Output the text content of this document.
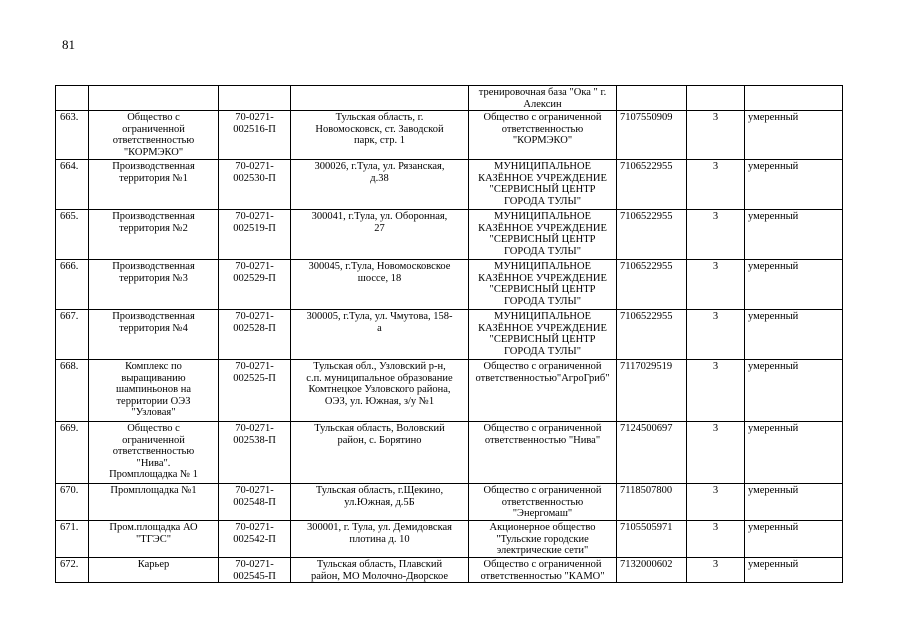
81
				тренировочная база "Ока " г.
Алексин			
663.	Общество с
ограниченной
ответственностью
"КОРМЭКО"	70-0271-
002516-П	Тульская область, г.
Новомосковск, ст. Заводской
парк, стр. 1	Общество с ограниченной
ответственностью
"КОРМЭКО"	7107550909	3	умеренный
664.	Производственная
территория №1	70-0271-
002530-П	300026, г.Тула, ул. Рязанская,
д.38	МУНИЦИПАЛЬНОЕ
КАЗЁННОЕ УЧРЕЖДЕНИЕ
"СЕРВИСНЫЙ ЦЕНТР
ГОРОДА ТУЛЫ"	7106522955	3	умеренный
665.	Производственная
территория №2	70-0271-
002519-П	300041, г.Тула, ул. Оборонная,
27	МУНИЦИПАЛЬНОЕ
КАЗЁННОЕ УЧРЕЖДЕНИЕ
"СЕРВИСНЫЙ ЦЕНТР
ГОРОДА ТУЛЫ"	7106522955	3	умеренный
666.	Производственная
территория №3	70-0271-
002529-П	300045, г.Тула, Новомосковское
шоссе, 18	МУНИЦИПАЛЬНОЕ
КАЗЁННОЕ УЧРЕЖДЕНИЕ
"СЕРВИСНЫЙ ЦЕНТР
ГОРОДА ТУЛЫ"	7106522955	3	умеренный
667.	Производственная
территория №4	70-0271-
002528-П	300005, г.Тула, ул. Чмутова, 158-
а	МУНИЦИПАЛЬНОЕ
КАЗЁННОЕ УЧРЕЖДЕНИЕ
"СЕРВИСНЫЙ ЦЕНТР
ГОРОДА ТУЛЫ"	7106522955	3	умеренный
668.	Комплекс по
выращиванию
шампиньонов на
территории ОЭЗ
"Узловая"	70-0271-
002525-П	Тульская обл., Узловский р-н,
с.п. муниципальное образование
Комтнецкое Узловского района,
ОЭЗ, ул. Южная, з/у №1	Общество с ограниченной
ответственностью"АгроГриб"	7117029519	3	умеренный
669.	Общество с
ограниченной
ответственностью
"Нива".
Промплощадка № 1	70-0271-
002538-П	Тульская область, Воловский
район, с. Борятино	Общество с ограниченной
ответственностью "Нива"	7124500697	3	умеренный
670.	Промплощадка №1	70-0271-
002548-П	Тульская область, г.Щекино,
ул.Южная, д.5Б	Общество с ограниченной
ответственностью
"Энергомаш"	7118507800	3	умеренный
671.	Пром.площадка АО
"ТГЭС"	70-0271-
002542-П	300001, г. Тула, ул. Демидовская
плотина д. 10	Акционерное общество
"Тульские городские
электрические сети"	7105505971	3	умеренный
672.	Карьер	70-0271-
002545-П	Тульская область, Плавский
район, МО Молочно-Дворское	Общество с ограниченной
ответственностью "КАМО"	7132000602	3	умеренный
